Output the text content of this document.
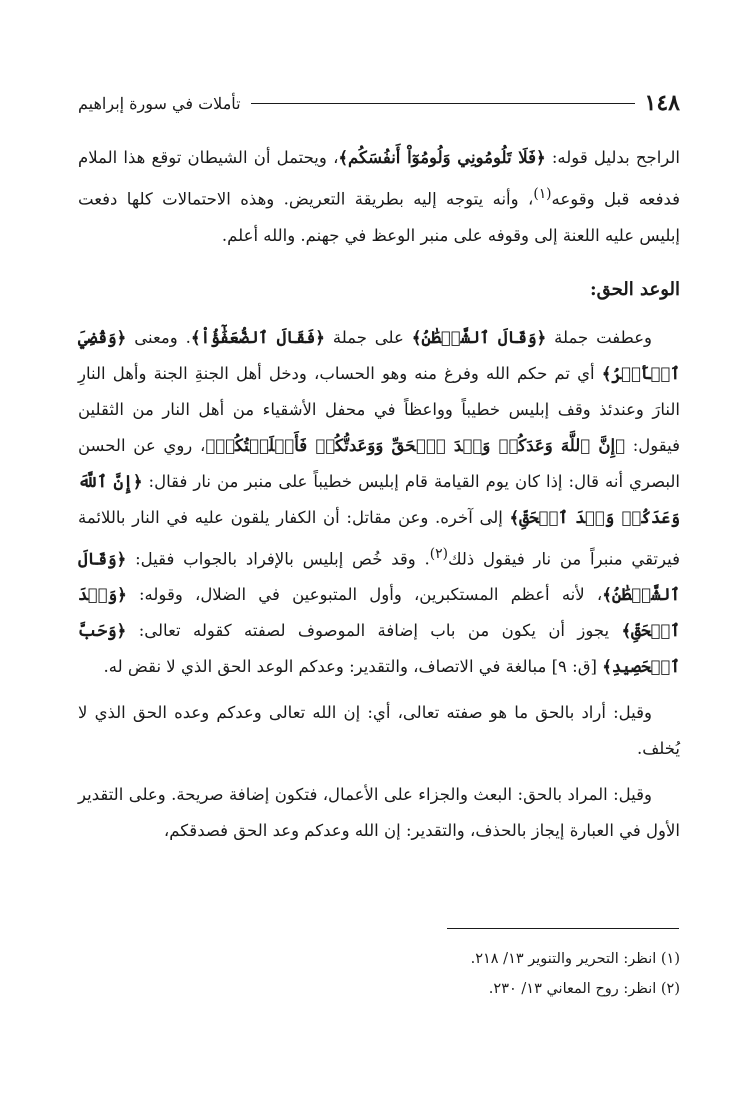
١٤٨
تأملات في سورة إبراهيم

الراجح بدليل قوله: ﴿فَلَا تَلُومُونِي وَلُومُوٓاْ أَنفُسَكُم﴾، ويحتمل أن الشيطان توقع هذا الملام فدفعه قبل وقوعه$^{(١)}$، وأنه يتوجه إليه بطريقة التعريض. وهذه الاحتمالات كلها دفعت إبليس عليه اللعنة إلى وقوفه على منبر الوعظ في جهنم. والله أعلم.

الوعد الحق:

وعطفت جملة ﴿وَقَالَ ٱلشَّيۡطَٰنُ﴾ على جملة ﴿فَقَالَ ٱلضُّعَفَٰٓؤُاْ﴾. ومعنى ﴿وَقُضِيَ ٱلۡأَمۡرُ﴾ أي تم حكم الله وفرغ منه وهو الحساب، ودخل أهل الجنةِ الجنة وأهل النارِ النارَ وعندئذ وقف إبليس خطيباً وواعظاً في محفل الأشقياء من أهل النار من الثقلين فيقول: ﴿إِنَّ ٱللَّهَ وَعَدَكُمۡ وَعۡدَ ٱلۡحَقِّ وَوَعَدتُّكُمۡ فَأَخۡلَفۡتُكُمۡ﴾، روي عن الحسن البصري أنه قال: إذا كان يوم القيامة قام إبليس خطيباً على منبر من نار فقال: ﴿إِنَّ ٱللَّهَ وَعَدَكُمۡ وَعۡدَ ٱلۡحَقِّ﴾ إلى آخره. وعن مقاتل: أن الكفار يلقون عليه في النار باللائمة فيرتقي منبراً من نار فيقول ذلك$^{(٢)}$. وقد خُص إبليس بالإفراد بالجواب فقيل: ﴿وَقَالَ ٱلشَّيۡطَٰنُ﴾، لأنه أعظم المستكبرين، وأول المتبوعين في الضلال، وقوله: ﴿وَعۡدَ ٱلۡحَقِّ﴾ يجوز أن يكون من باب إضافة الموصوف لصفته كقوله تعالى: ﴿وَحَبَّ ٱلۡحَصِيدِ﴾ [ق: ٩] مبالغة في الاتصاف، والتقدير: وعدكم الوعد الحق الذي لا نقض له.

وقيل: أراد بالحق ما هو صفته تعالى، أي: إن الله تعالى وعدكم وعده الحق الذي لا يُخلف.

وقيل: المراد بالحق: البعث والجزاء على الأعمال، فتكون إضافة صريحة. وعلى التقدير الأول في العبارة إيجاز بالحذف، والتقدير: إن الله وعدكم وعد الحق فصدقكم،

(١) انظر: التحرير والتنوير ١٣/ ٢١٨.
(٢) انظر: روح المعاني ١٣/ ٢٣٠.
